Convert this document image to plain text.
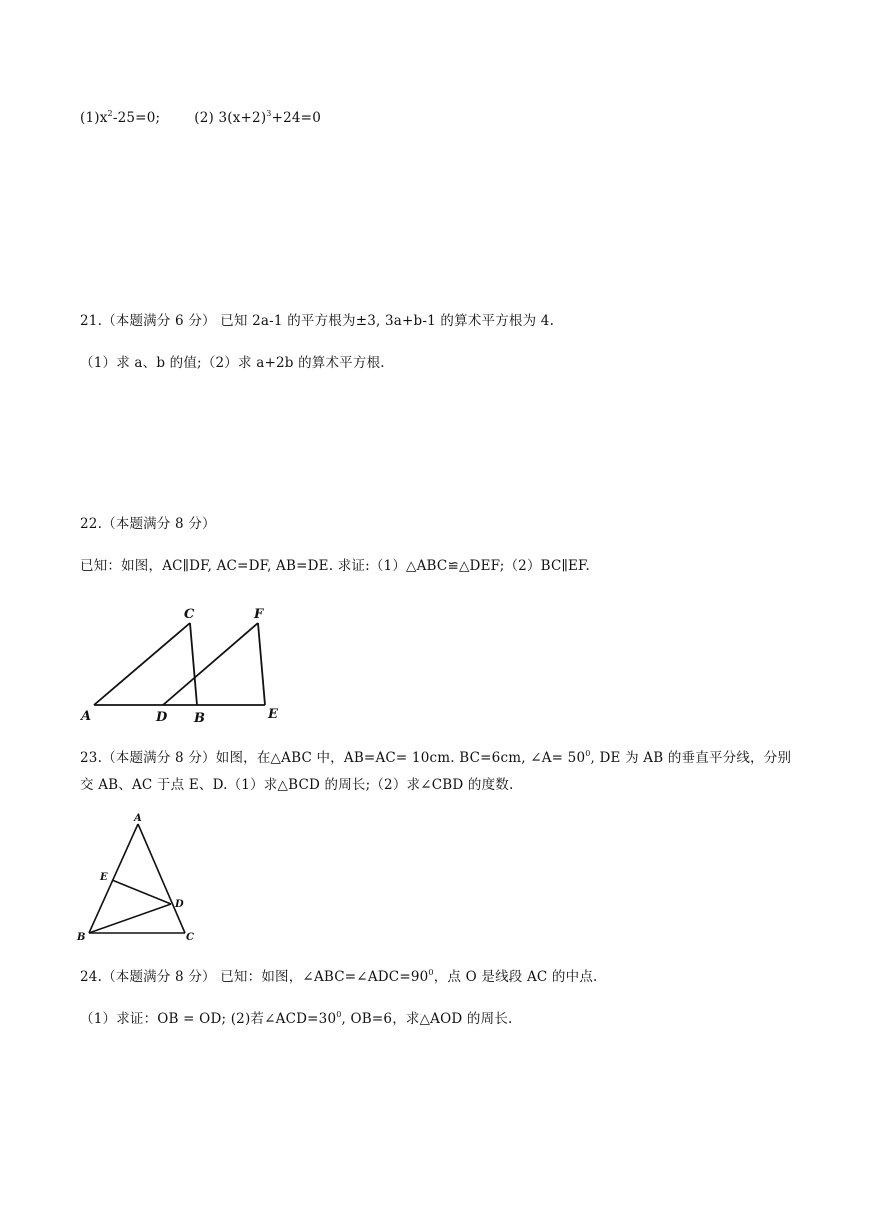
$(1)x^2-25=0$;	(2) $3(x+2)^3+24=0$
21.（本题满分 6 分） 已知 2a-1 的平方根为±3, 3a+b-1 的算术平方根为 4.
（1）求 a、b 的值;（2）求 a+2b 的算术平方根.
22.（本题满分 8 分）
已知：如图，AC∥DF, AC=DF, AB=DE. 求证:（1）△ABC≌△DEF;（2）BC∥EF.
A	D B	E
C	F
23.（本题满分 8 分）如图，在△ABC 中，AB=AC= 10cm. BC=6cm, ∠A= $50^0$, DE 为 AB 的垂直平分线，分别
交 AB、AC 于点 E、D.（1）求△BCD 的周长;（2）求∠CBD 的度数.
A
E
D
B	C
24.（本题满分 8 分） 已知：如图，$\angle ABC=\angle ADC=90^0$，点 O 是线段 AC 的中点.
（1）求证：OB = OD; (2)若$\angle ACD=30^0$, OB=6，求△AOD 的周长.
